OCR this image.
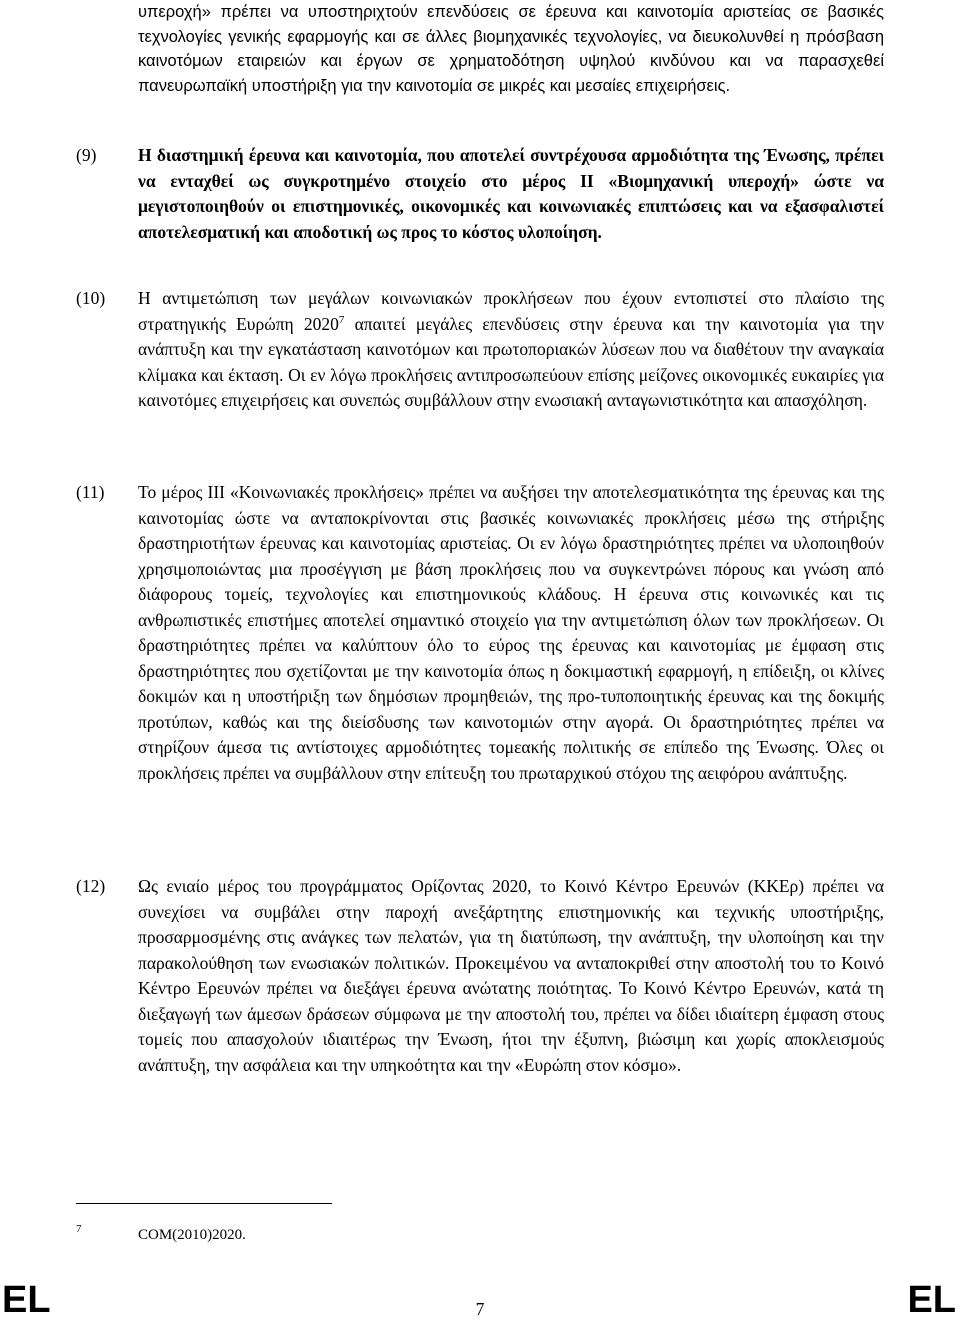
υπεροχή» πρέπει να υποστηριχτούν επενδύσεις σε έρευνα και καινοτομία αριστείας σε βασικές τεχνολογίες γενικής εφαρμογής και σε άλλες βιομηχανικές τεχνολογίες, να διευκολυνθεί η πρόσβαση καινοτόμων εταιρειών και έργων σε χρηματοδότηση υψηλού κινδύνου και να παρασχεθεί πανευρωπαϊκή υποστήριξη για την καινοτομία σε μικρές και μεσαίες επιχειρήσεις.

(9) Η διαστημική έρευνα και καινοτομία, που αποτελεί συντρέχουσα αρμοδιότητα της Ένωσης, πρέπει να ενταχθεί ως συγκροτημένο στοιχείο στο μέρος ΙΙ «Βιομηχανική υπεροχή» ώστε να μεγιστοποιηθούν οι επιστημονικές, οικονομικές και κοινωνιακές επιπτώσεις και να εξασφαλιστεί αποτελεσματική και αποδοτική ως προς το κόστος υλοποίηση.

(10) Η αντιμετώπιση των μεγάλων κοινωνιακών προκλήσεων που έχουν εντοπιστεί στο πλαίσιο της στρατηγικής Ευρώπη 2020$^7$ απαιτεί μεγάλες επενδύσεις στην έρευνα και την καινοτομία για την ανάπτυξη και την εγκατάσταση καινοτόμων και πρωτοποριακών λύσεων που να διαθέτουν την αναγκαία κλίμακα και έκταση. Οι εν λόγω προκλήσεις αντιπροσωπεύουν επίσης μείζονες οικονομικές ευκαιρίες για καινοτόμες επιχειρήσεις και συνεπώς συμβάλλουν στην ενωσιακή ανταγωνιστικότητα και απασχόληση.

(11) Το μέρος ΙΙΙ «Κοινωνιακές προκλήσεις» πρέπει να αυξήσει την αποτελεσματικότητα της έρευνας και της καινοτομίας ώστε να ανταποκρίνονται στις βασικές κοινωνιακές προκλήσεις μέσω της στήριξης δραστηριοτήτων έρευνας και καινοτομίας αριστείας. Οι εν λόγω δραστηριότητες πρέπει να υλοποιηθούν χρησιμοποιώντας μια προσέγγιση με βάση προκλήσεις που να συγκεντρώνει πόρους και γνώση από διάφορους τομείς, τεχνολογίες και επιστημονικούς κλάδους. Η έρευνα στις κοινωνικές και τις ανθρωπιστικές επιστήμες αποτελεί σημαντικό στοιχείο για την αντιμετώπιση όλων των προκλήσεων. Οι δραστηριότητες πρέπει να καλύπτουν όλο το εύρος της έρευνας και καινοτομίας με έμφαση στις δραστηριότητες που σχετίζονται με την καινοτομία όπως η δοκιμαστική εφαρμογή, η επίδειξη, οι κλίνες δοκιμών και η υποστήριξη των δημόσιων προμηθειών, της προ-τυποποιητικής έρευνας και της δοκιμής προτύπων, καθώς και της διείσδυσης των καινοτομιών στην αγορά. Οι δραστηριότητες πρέπει να στηρίζουν άμεσα τις αντίστοιχες αρμοδιότητες τομεακής πολιτικής σε επίπεδο της Ένωσης. Όλες οι προκλήσεις πρέπει να συμβάλλουν στην επίτευξη του πρωταρχικού στόχου της αειφόρου ανάπτυξης.

(12) Ως ενιαίο μέρος του προγράμματος Ορίζοντας 2020, το Κοινό Κέντρο Ερευνών (ΚΚΕρ) πρέπει να συνεχίσει να συμβάλει στην παροχή ανεξάρτητης επιστημονικής και τεχνικής υποστήριξης, προσαρμοσμένης στις ανάγκες των πελατών, για τη διατύπωση, την ανάπτυξη, την υλοποίηση και την παρακολούθηση των ενωσιακών πολιτικών. Προκειμένου να ανταποκριθεί στην αποστολή του το Κοινό Κέντρο Ερευνών πρέπει να διεξάγει έρευνα ανώτατης ποιότητας. Το Κοινό Κέντρο Ερευνών, κατά τη διεξαγωγή των άμεσων δράσεων σύμφωνα με την αποστολή του, πρέπει να δίδει ιδιαίτερη έμφαση στους τομείς που απασχολούν ιδιαιτέρως την Ένωση, ήτοι την έξυπνη, βιώσιμη και χωρίς αποκλεισμούς ανάπτυξη, την ασφάλεια και την υπηκοότητα και την «Ευρώπη στον κόσμο».

7	COM(2010)2020.
EL	7	EL
